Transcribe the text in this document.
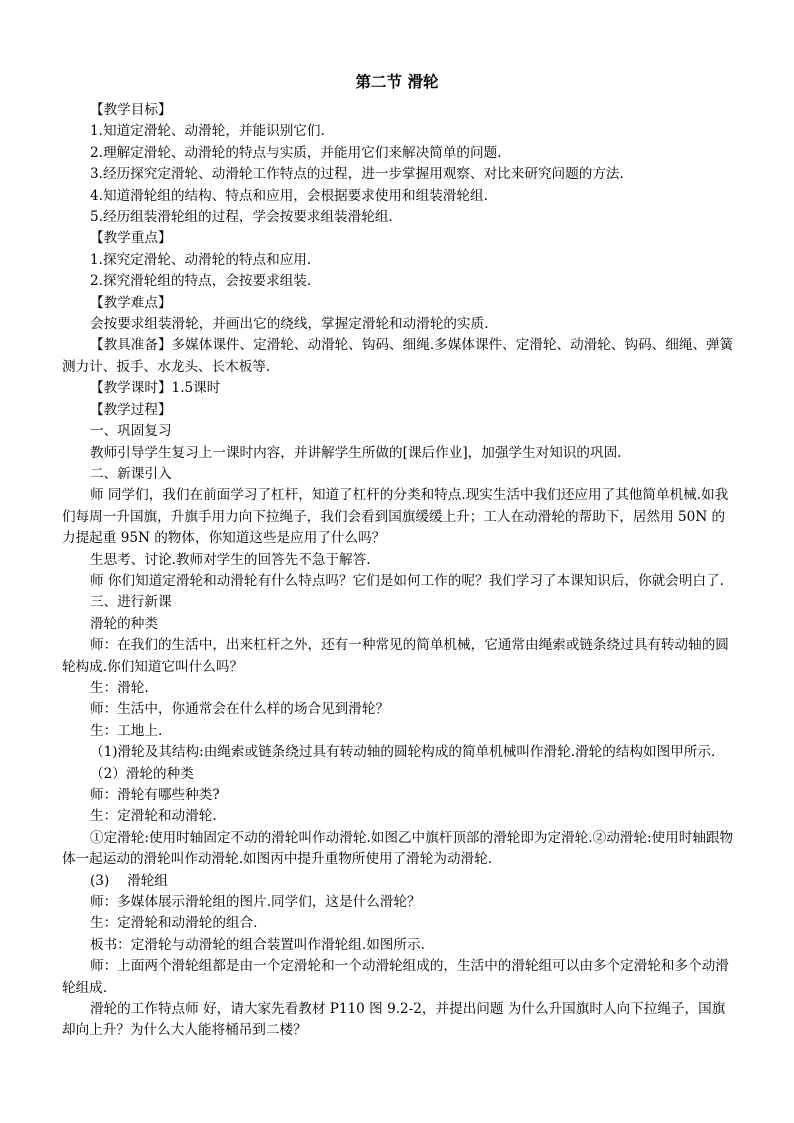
第二节 滑轮

【教学目标】

1.知道定滑轮、动滑轮，并能识别它们.

2.理解定滑轮、动滑轮的特点与实质，并能用它们来解决简单的问题.

3.经历探究定滑轮、动滑轮工作特点的过程，进一步掌握用观察、对比来研究问题的方法.

4.知道滑轮组的结构、特点和应用，会根据要求使用和组装滑轮组.

5.经历组装滑轮组的过程，学会按要求组装滑轮组.

【教学重点】

1.探究定滑轮、动滑轮的特点和应用.

2.探究滑轮组的特点，会按要求组装.

【教学难点】

会按要求组装滑轮，并画出它的绕线，掌握定滑轮和动滑轮的实质.

【教具准备】多媒体课件、定滑轮、动滑轮、钩码、细绳.多媒体课件、定滑轮、动滑轮、钩码、细绳、弹簧测力计、扳手、水龙头、长木板等.

【教学课时】1.5课时

【教学过程】

一、巩固复习

教师引导学生复习上一课时内容，并讲解学生所做的[课后作业]，加强学生对知识的巩固.

二、新课引入

师 同学们，我们在前面学习了杠杆，知道了杠杆的分类和特点.现实生活中我们还应用了其他简单机械.如我们每周一升国旗，升旗手用力向下拉绳子，我们会看到国旗缓缓上升；工人在动滑轮的帮助下，居然用 50N 的力提起重 95N 的物体，你知道这些是应用了什么吗？

生思考、讨论.教师对学生的回答先不急于解答.

师 你们知道定滑轮和动滑轮有什么特点吗？它们是如何工作的呢？我们学习了本课知识后，你就会明白了.

三、进行新课

滑轮的种类

师：在我们的生活中，出来杠杆之外，还有一种常见的简单机械，它通常由绳索或链条绕过具有转动轴的圆轮构成.你们知道它叫什么吗？

生：滑轮.

师：生活中，你通常会在什么样的场合见到滑轮？

生：工地上.

（1)滑轮及其结构:由绳索或链条绕过具有转动轴的圆轮构成的简单机械叫作滑轮.滑轮的结构如图甲所示.

（2）滑轮的种类

师：滑轮有哪些种类?

生：定滑轮和动滑轮.

①定滑轮:使用时轴固定不动的滑轮叫作动滑轮.如图乙中旗杆顶部的滑轮即为定滑轮.②动滑轮:使用时轴跟物体一起运动的滑轮叫作动滑轮.如图丙中提升重物所使用了滑轮为动滑轮.

(3)　 滑轮组

师：多媒体展示滑轮组的图片.同学们，这是什么滑轮？

生：定滑轮和动滑轮的组合.

板书：定滑轮与动滑轮的组合装置叫作滑轮组.如图所示.

师：上面两个滑轮组都是由一个定滑轮和一个动滑轮组成的，生活中的滑轮组可以由多个定滑轮和多个动滑轮组成.

滑轮的工作特点师 好，请大家先看教材 P110 图 9.2-2，并提出问题 为什么升国旗时人向下拉绳子，国旗却向上升？为什么大人能将桶吊到二楼？
